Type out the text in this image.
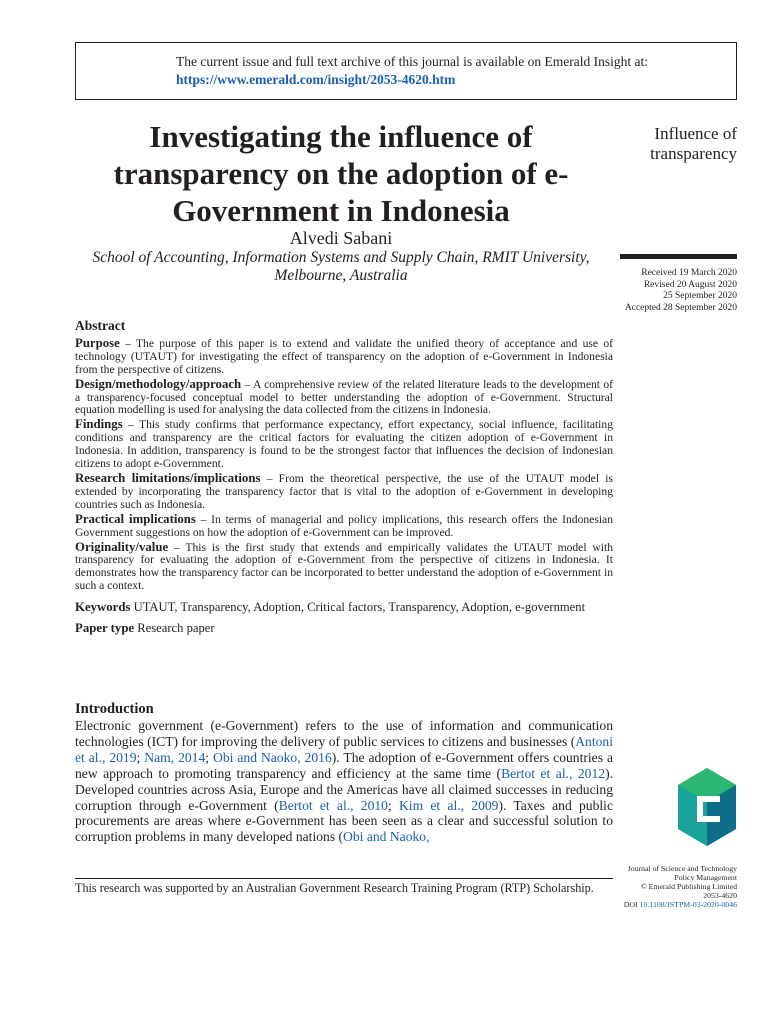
The current issue and full text archive of this journal is available on Emerald Insight at:
https://www.emerald.com/insight/2053-4620.htm
Investigating the influence of transparency on the adoption of e-Government in Indonesia
Alvedi Sabani
School of Accounting, Information Systems and Supply Chain, RMIT University, Melbourne, Australia
Influence of transparency
Received 19 March 2020
Revised 20 August 2020
25 September 2020
Accepted 28 September 2020
Abstract

Purpose – The purpose of this paper is to extend and validate the unified theory of acceptance and use of technology (UTAUT) for investigating the effect of transparency on the adoption of e-Government in Indonesia from the perspective of citizens.

Design/methodology/approach – A comprehensive review of the related literature leads to the development of a transparency-focused conceptual model to better understanding the adoption of e-Government. Structural equation modelling is used for analysing the data collected from the citizens in Indonesia.

Findings – This study confirms that performance expectancy, effort expectancy, social influence, facilitating conditions and transparency are the critical factors for evaluating the citizen adoption of e-Government in Indonesia. In addition, transparency is found to be the strongest factor that influences the decision of Indonesian citizens to adopt e-Government.

Research limitations/implications – From the theoretical perspective, the use of the UTAUT model is extended by incorporating the transparency factor that is vital to the adoption of e-Government in developing countries such as Indonesia.

Practical implications – In terms of managerial and policy implications, this research offers the Indonesian Government suggestions on how the adoption of e-Government can be improved.

Originality/value – This is the first study that extends and empirically validates the UTAUT model with transparency for evaluating the adoption of e-Government from the perspective of citizens in Indonesia. It demonstrates how the transparency factor can be incorporated to better understand the adoption of e-Government in such a context.

Keywords UTAUT, Transparency, Adoption, Critical factors, Transparency, Adoption, e-government

Paper type Research paper

Introduction

Electronic government (e-Government) refers to the use of information and communication technologies (ICT) for improving the delivery of public services to citizens and businesses (Antoni et al., 2019; Nam, 2014; Obi and Naoko, 2016). The adoption of e-Government offers countries a new approach to promoting transparency and efficiency at the same time (Bertot et al., 2012). Developed countries across Asia, Europe and the Americas have all claimed successes in reducing corruption through e-Government (Bertot et al., 2010; Kim et al., 2009). Taxes and public procurements are areas where e-Government has been seen as a clear and successful solution to corruption problems in many developed nations (Obi and Naoko,

This research was supported by an Australian Government Research Training Program (RTP) Scholarship.
Journal of Science and Technology
Policy Management
© Emerald Publishing Limited
2053-4620
DOI 10.1108/JSTPM-03-2020-0046
